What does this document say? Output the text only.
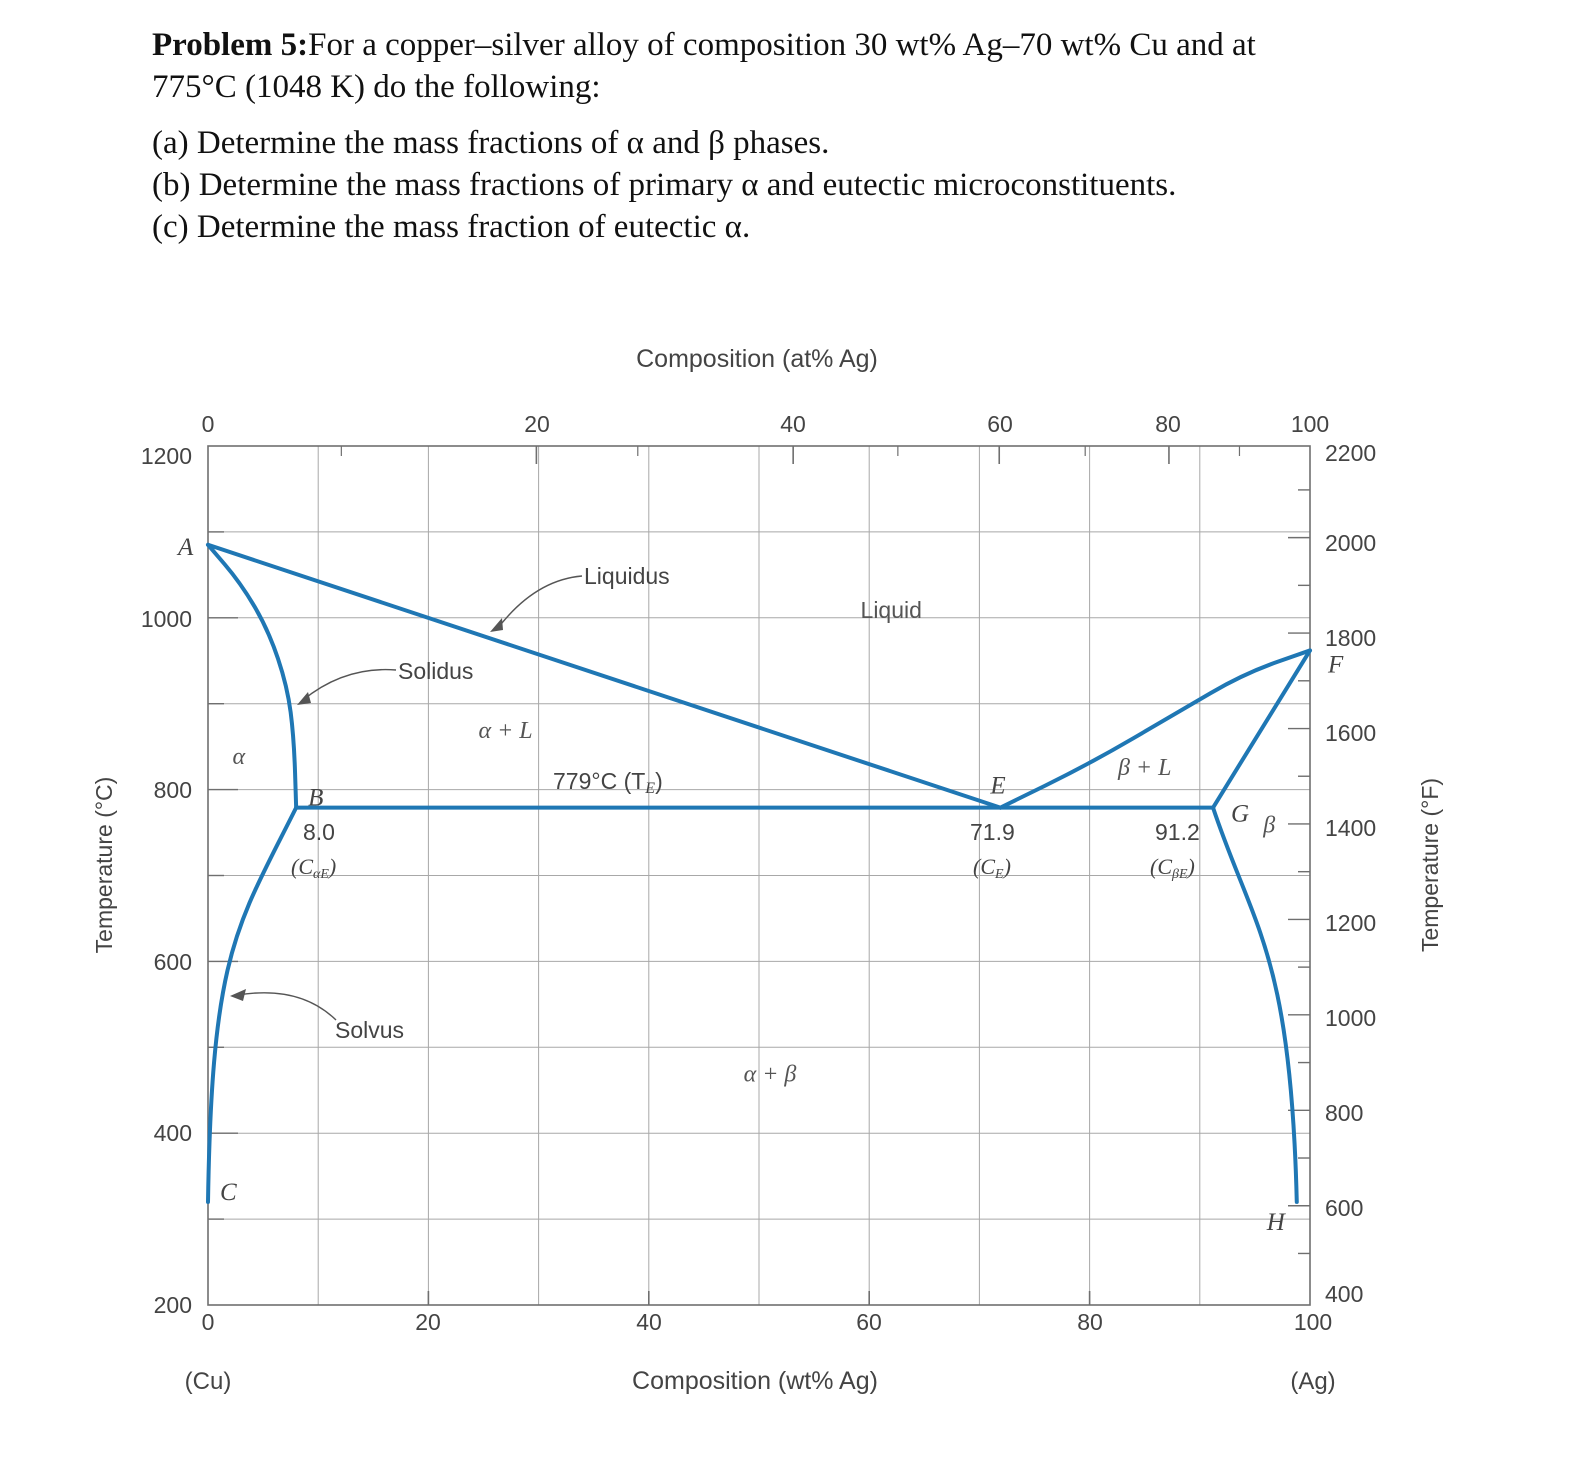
Problem 5:For a copper–silver alloy of composition 30 wt% Ag–70 wt% Cu and at
775°C (1048 K) do the following:
(a) Determine the mass fractions of α and β phases.
(b) Determine the mass fractions of primary α and eutectic microconstituents.
(c) Determine the mass fraction of eutectic α.
A
B
C
E
F
G
H
α
α + L
Liquid
β + L
β
α + β
Composition (at% Ag)
Composition (wt% Ag)
(Cu)	(Ag)
Temperature (°C)	Temperature (°F)
0	20	40	60	80	100
0	20	40	60	80	100
200
400
600
800
1000
1200
400
600
800
1000
1200
1400
1600
1800
2000
2200
Liquidus
Solidus
Solvus
779°C (TE)
8.0
(CαE)
71.9
(CE)
91.2
(CβE)
